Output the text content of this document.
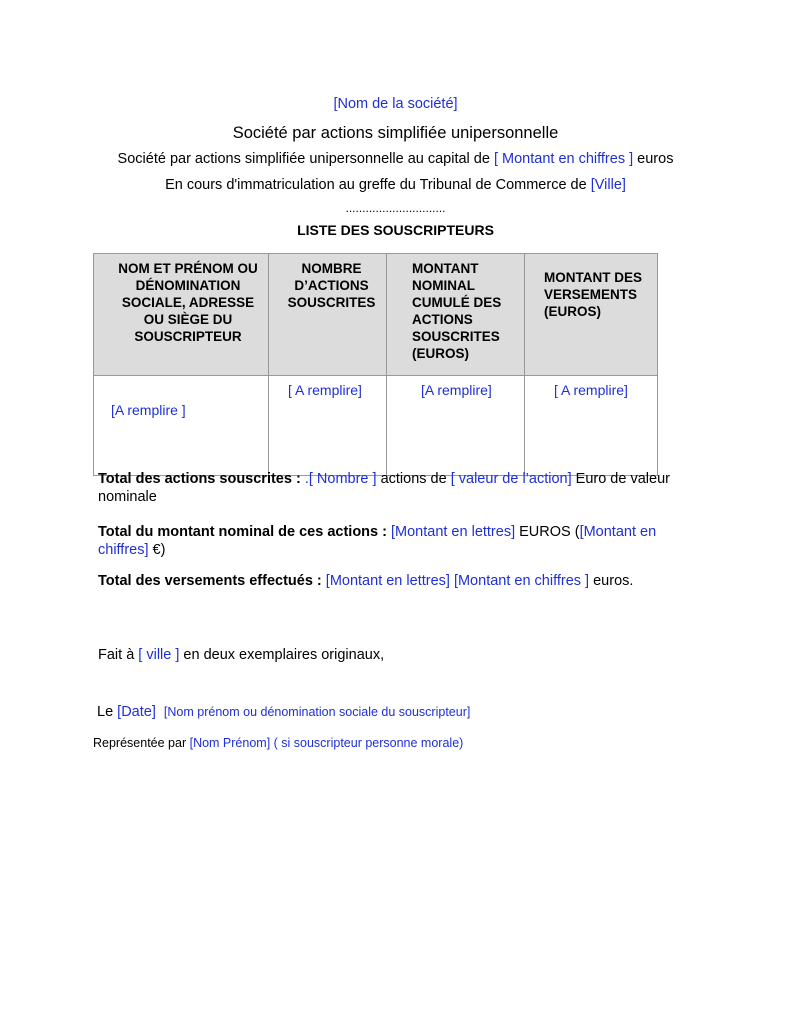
[Nom de la société]
Société par actions simplifiée unipersonnelle
Société par actions simplifiée unipersonnelle au capital de [ Montant en chiffres ] euros
En cours d'immatriculation au greffe du Tribunal de Commerce de [Ville]
..............................
LISTE DES SOUSCRIPTEURS
NOM ET PRÉNOM OU DÉNOMINATION SOCIALE, ADRESSE OU SIÈGE DU SOUSCRIPTEUR	NOMBRE D’ACTIONS SOUSCRITES	MONTANT NOMINAL CUMULÉ DES ACTIONS SOUSCRITES (EUROS)	MONTANT DES VERSEMENTS (EUROS)

[A remplire ]	[ A remplire]	[A remplire]	[ A remplire]
Total des actions souscrites : .[ Nombre ] actions de [ valeur de l’action] Euro de valeur
nominale
Total du montant nominal de ces actions : [Montant en lettres] EUROS ([Montant en
chiffres] €)
Total des versements effectués : [Montant en lettres] [Montant en chiffres ] euros.
Fait à [ ville ] en deux exemplaires originaux,
Le [Date] [Nom prénom ou dénomination sociale du souscripteur]
Représentée par [Nom Prénom] ( si souscripteur personne morale)
